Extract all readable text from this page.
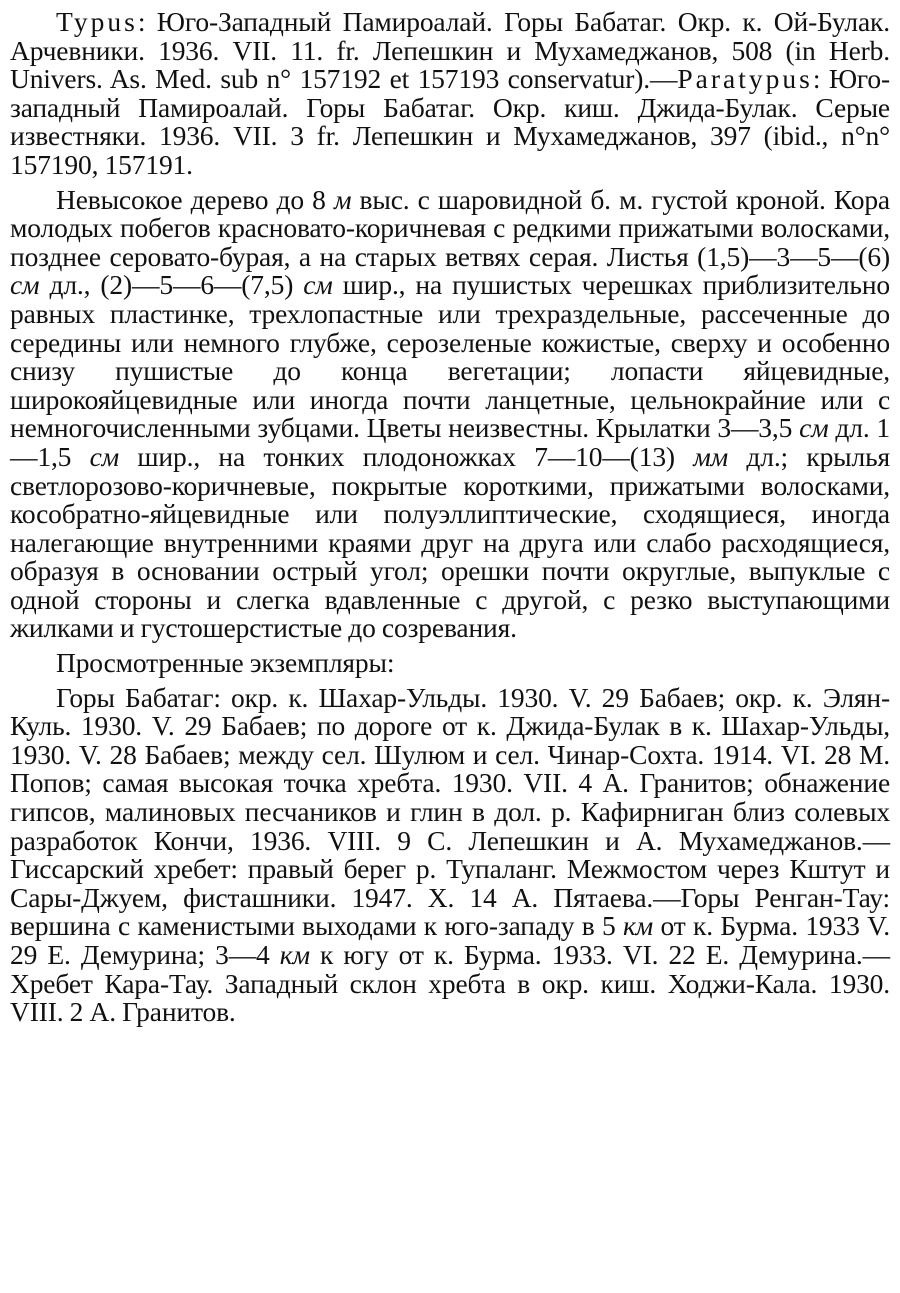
Typus: Юго-Западный Памироалай. Горы Бабатаг. Окр. к. Ой-Булак. Арчевники. 1936. VII. 11. fr. Лепешкин и Мухамеджанов, 508 (in Herb. Univers. As. Med. sub n° 157192 et 157193 conservatur).—Paratypus: Юго-западный Памироалай. Горы Бабатаг. Окр. киш. Джида-Булак. Серые известняки. 1936. VII. 3 fr. Лепешкин и Мухамеджанов, 397 (ibid., n°n° 157190, 157191.

Невысокое дерево до 8 м выс. с шаровидной б. м. густой кроной. Кора молодых побегов красновато-коричневая с редкими прижатыми волосками, позднее серовато-бурая, а на старых ветвях серая. Листья (1,5)—3—5—(6) см дл., (2)—5—6—(7,5) см шир., на пушистых черешках приблизительно равных пластинке, трехлопастные или трехраздельные, рассеченные до середины или немного глубже, серозеленые кожистые, сверху и особенно снизу пушистые до конца вегетации; лопасти яйцевидные, широкояйцевидные или иногда почти ланцетные, цельнокрайние или с немногочисленными зубцами. Цветы неизвестны. Крылатки 3—3,5 см дл. 1—1,5 см шир., на тонких плодоножках 7—10—(13) мм дл.; крылья светлорозово-коричневые, покрытые короткими, прижатыми волосками, кособратно-яйцевидные или полуэллиптические, сходящиеся, иногда налегающие внутренними краями друг на друга или слабо расходящиеся, образуя в основании острый угол; орешки почти округлые, выпуклые с одной стороны и слегка вдавленные с другой, с резко выступающими жилками и густошерстистые до созревания.

Просмотренные экземпляры:

Горы Бабатаг: окр. к. Шахар-Ульды. 1930. V. 29 Бабаев; окр. к. Элян-Куль. 1930. V. 29 Бабаев; по дороге от к. Джида-Булак в к. Шахар-Ульды, 1930. V. 28 Бабаев; между сел. Шулюм и сел. Чинар-Сохта. 1914. VI. 28 М. Попов; самая высокая точка хребта. 1930. VII. 4 А. Гранитов; обнажение гипсов, малиновых песчаников и глин в дол. р. Кафирниган близ солевых разработок Кончи, 1936. VIII. 9 С. Лепешкин и А. Мухамеджанов.—Гиссарский хребет: правый берег р. Тупаланг. Межмостом через Кштут и Сары-Джуем, фисташники. 1947. X. 14 А. Пятаева.—Горы Ренган-Тау: вершина с каменистыми выходами к юго-западу в 5 км от к. Бурма. 1933 V. 29 Е. Демурина; 3—4 км к югу от к. Бурма. 1933. VI. 22 Е. Демурина.—Хребет Кара-Тау. Западный склон хребта в окр. киш. Ходжи-Кала. 1930. VIII. 2 А. Гранитов.
